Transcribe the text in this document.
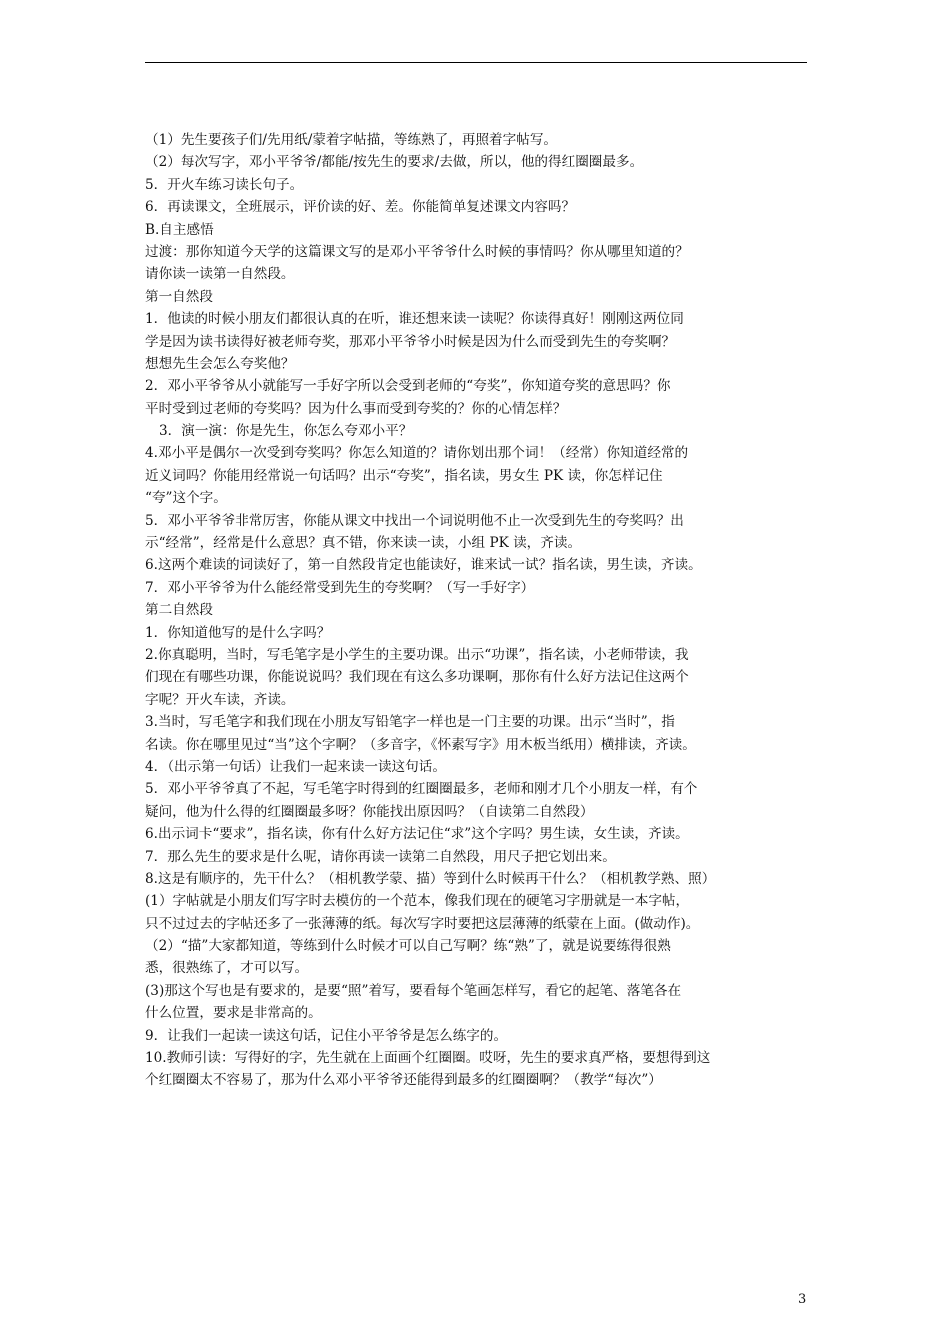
（1）先生要孩子们/先用纸/蒙着字帖描，等练熟了，再照着字帖写。
（2）每次写字，邓小平爷爷/都能/按先生的要求/去做，所以，他的得红圈圈最多。
5．开火车练习读长句子。
6．再读课文，全班展示，评价读的好、差。你能简单复述课文内容吗？
B.自主感悟
过渡：那你知道今天学的这篇课文写的是邓小平爷爷什么时候的事情吗？你从哪里知道的？
请你读一读第一自然段。
第一自然段
1．他读的时候小朋友们都很认真的在听，谁还想来读一读呢？你读得真好！刚刚这两位同
学是因为读书读得好被老师夸奖，那邓小平爷爷小时候是因为什么而受到先生的夸奖啊？
想想先生会怎么夸奖他？
2．邓小平爷爷从小就能写一手好字所以会受到老师的“夸奖”，你知道夸奖的意思吗？你
平时受到过老师的夸奖吗？因为什么事而受到夸奖的？你的心情怎样？
3．演一演：你是先生，你怎么夸邓小平？
4.邓小平是偶尔一次受到夸奖吗？你怎么知道的？请你划出那个词！（经常）你知道经常的
近义词吗？你能用经常说一句话吗？出示“夸奖”，指名读，男女生 PK 读，你怎样记住
“夸”这个字。
5．邓小平爷爷非常厉害，你能从课文中找出一个词说明他不止一次受到先生的夸奖吗？出
示“经常”，经常是什么意思？真不错，你来读一读，小组 PK 读，齐读。
6.这两个难读的词读好了，第一自然段肯定也能读好，谁来试一试？指名读，男生读，齐读。
7．邓小平爷爷为什么能经常受到先生的夸奖啊？（写一手好字）
第二自然段
1．你知道他写的是什么字吗？
2.你真聪明，当时，写毛笔字是小学生的主要功课。出示“功课”，指名读，小老师带读，我
们现在有哪些功课，你能说说吗？我们现在有这么多功课啊，那你有什么好方法记住这两个
字呢？开火车读，齐读。
3.当时，写毛笔字和我们现在小朋友写铅笔字一样也是一门主要的功课。出示“当时”，指
名读。你在哪里见过“当”这个字啊？（多音字，《怀素写字》用木板当纸用）横排读，齐读。
4．（出示第一句话）让我们一起来读一读这句话。
5．邓小平爷爷真了不起，写毛笔字时得到的红圈圈最多，老师和刚才几个小朋友一样，有个
疑问，他为什么得的红圈圈最多呀？你能找出原因吗？（自读第二自然段）
6.出示词卡“要求”，指名读，你有什么好方法记住“求”这个字吗？男生读，女生读，齐读。
7．那么先生的要求是什么呢，请你再读一读第二自然段，用尺子把它划出来。
8.这是有顺序的，先干什么？（相机教学蒙、描）等到什么时候再干什么？（相机教学熟、照）
(1）字帖就是小朋友们写字时去模仿的一个范本，像我们现在的硬笔习字册就是一本字帖，
只不过过去的字帖还多了一张薄薄的纸。每次写字时要把这层薄薄的纸蒙在上面。(做动作)。
（2）“描”大家都知道，等练到什么时候才可以自己写啊？练“熟”了，就是说要练得很熟
悉，很熟练了，才可以写。
(3)那这个写也是有要求的，是要“照”着写，要看每个笔画怎样写，看它的起笔、落笔各在
什么位置，要求是非常高的。
9．让我们一起读一读这句话，记住小平爷爷是怎么练字的。
10.教师引读：写得好的字，先生就在上面画个红圈圈。哎呀，先生的要求真严格，要想得到这
个红圈圈太不容易了，那为什么邓小平爷爷还能得到最多的红圈圈啊？（教学“每次”）
3
